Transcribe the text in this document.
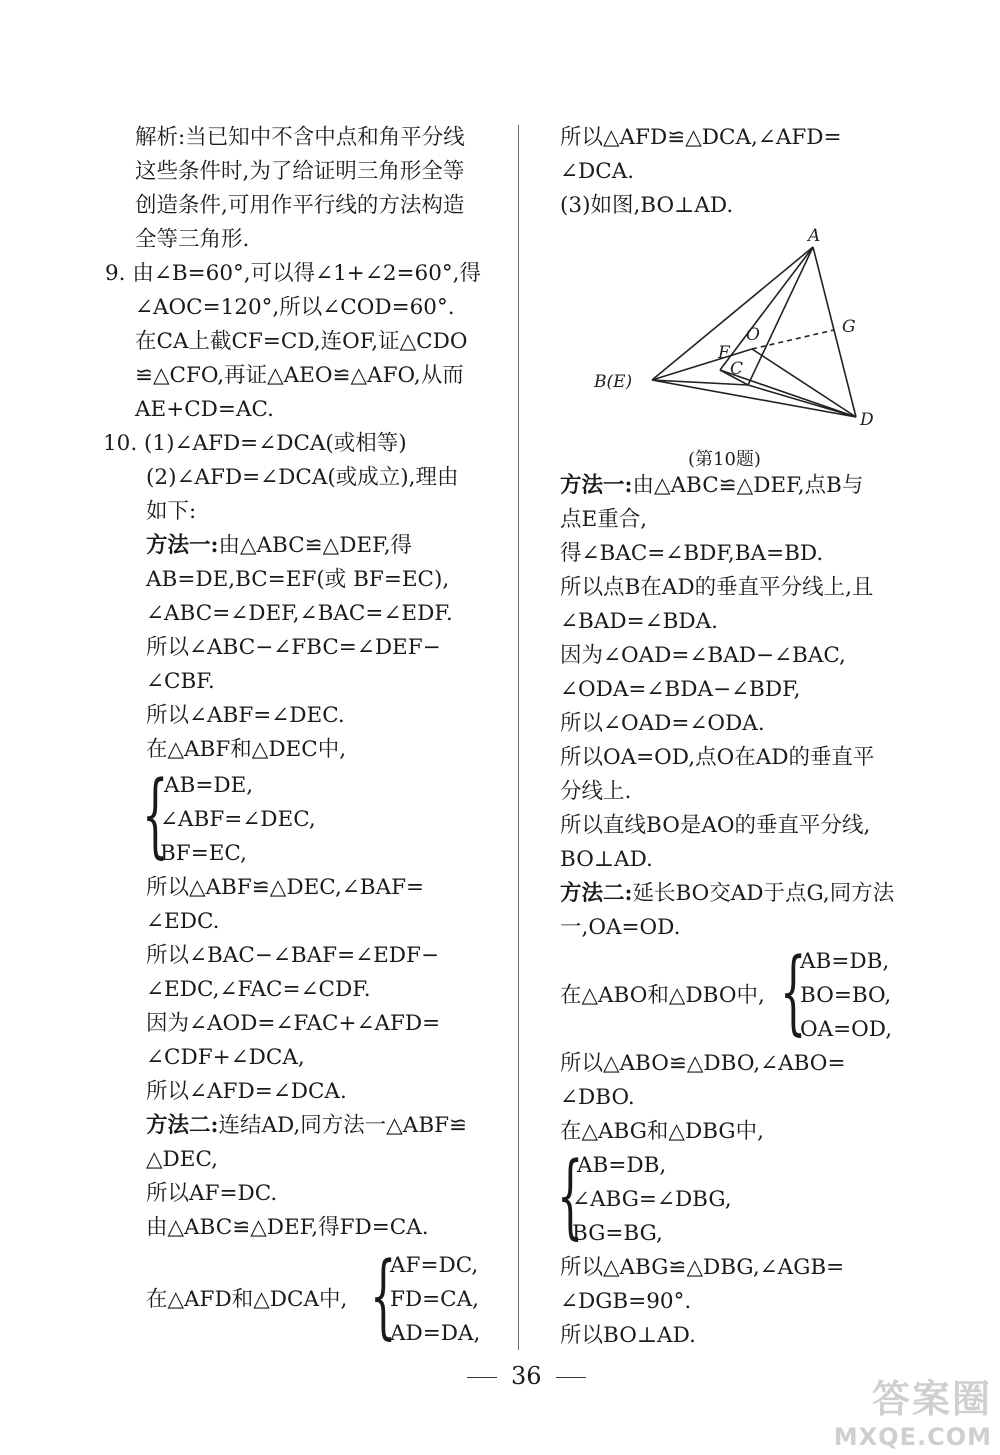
解析:当已知中不含中点和角平分线
这些条件时,为了给证明三角形全等
创造条件,可用作平行线的方法构造
全等三角形.
9. 由∠B=60°,可以得∠1+∠2=60°,得
∠AOC=120°,所以∠COD=60°.
在CA上截CF=CD,连OF,证△CDO
≌△CFO,再证△AEO≌△AFO,从而
AE+CD=AC.
10. (1)∠AFD=∠DCA(或相等)
(2)∠AFD=∠DCA(或成立),理由
如下:
方法一:由△ABC≌△DEF,得
AB=DE,BC=EF(或 BF=EC),
∠ABC=∠DEF,∠BAC=∠EDF.
所以∠ABC−∠FBC=∠DEF−
∠CBF.
所以∠ABF=∠DEC.
在△ABF和△DEC中,
{
AB=DE,
∠ABF=∠DEC,
BF=EC,
所以△ABF≌△DEC,∠BAF=
∠EDC.
所以∠BAC−∠BAF=∠EDF−
∠EDC,∠FAC=∠CDF.
因为∠AOD=∠FAC+∠AFD=
∠CDF+∠DCA,
所以∠AFD=∠DCA.
方法二:连结AD,同方法一△ABF≌
△DEC,
所以AF=DC.
由△ABC≌△DEF,得FD=CA.
在△AFD和△DCA中, {
AF=DC,
FD=CA,
AD=DA,
所以△AFD≌△DCA,∠AFD=
∠DCA.
(3)如图,BO⊥AD.
A
B(E)
D
G
O
F
C
(第10题)
方法一:由△ABC≌△DEF,点B与
点E重合,
得∠BAC=∠BDF,BA=BD.
所以点B在AD的垂直平分线上,且
∠BAD=∠BDA.
因为∠OAD=∠BAD−∠BAC,
∠ODA=∠BDA−∠BDF,
所以∠OAD=∠ODA.
所以OA=OD,点O在AD的垂直平
分线上.
所以直线BO是AO的垂直平分线,
BO⊥AD.
方法二:延长BO交AD于点G,同方法
一,OA=OD.
在△ABO和△DBO中, {
AB=DB,
BO=BO,
OA=OD,
所以△ABO≌△DBO,∠ABO=
∠DBO.
在△ABG和△DBG中,
{
AB=DB,
∠ABG=∠DBG,
BG=BG,
所以△ABG≌△DBG,∠AGB=
∠DGB=90°.
所以BO⊥AD.
36
答案圈
MXQE.COM
